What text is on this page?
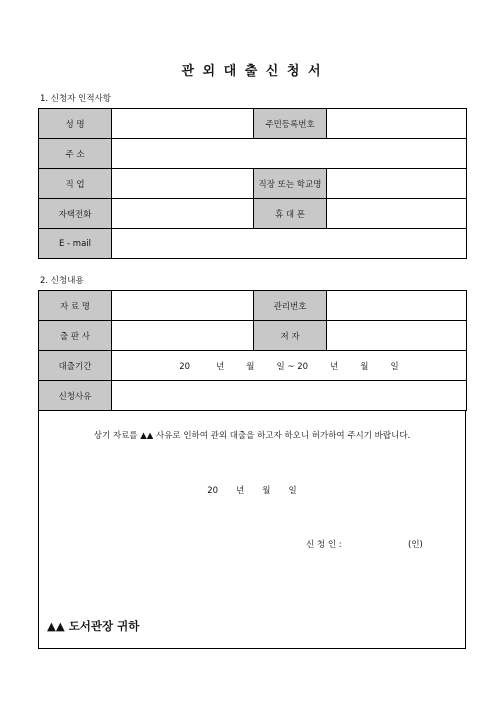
관 외 대 출 신 청 서
1. 신청자 인적사항
성 명		주민등록번호	
주 소			
직 업		직장 또는 학교명	
자택전화		휴 대 폰	
E - mail			
2. 신청내용
자 료 명		관리번호	
출 판 사		저 자	
대출기간	20 년 월 일 ~ 20 년 월 일		
신청사유			
상기 자료를 ▲▲ 사유로 인하여 관외 대출을 하고자 하오니 허가하여 주시기 바랍니다.
20 년 월 일
신 청 인 :	(인)
▲▲ 도서관장 귀하
